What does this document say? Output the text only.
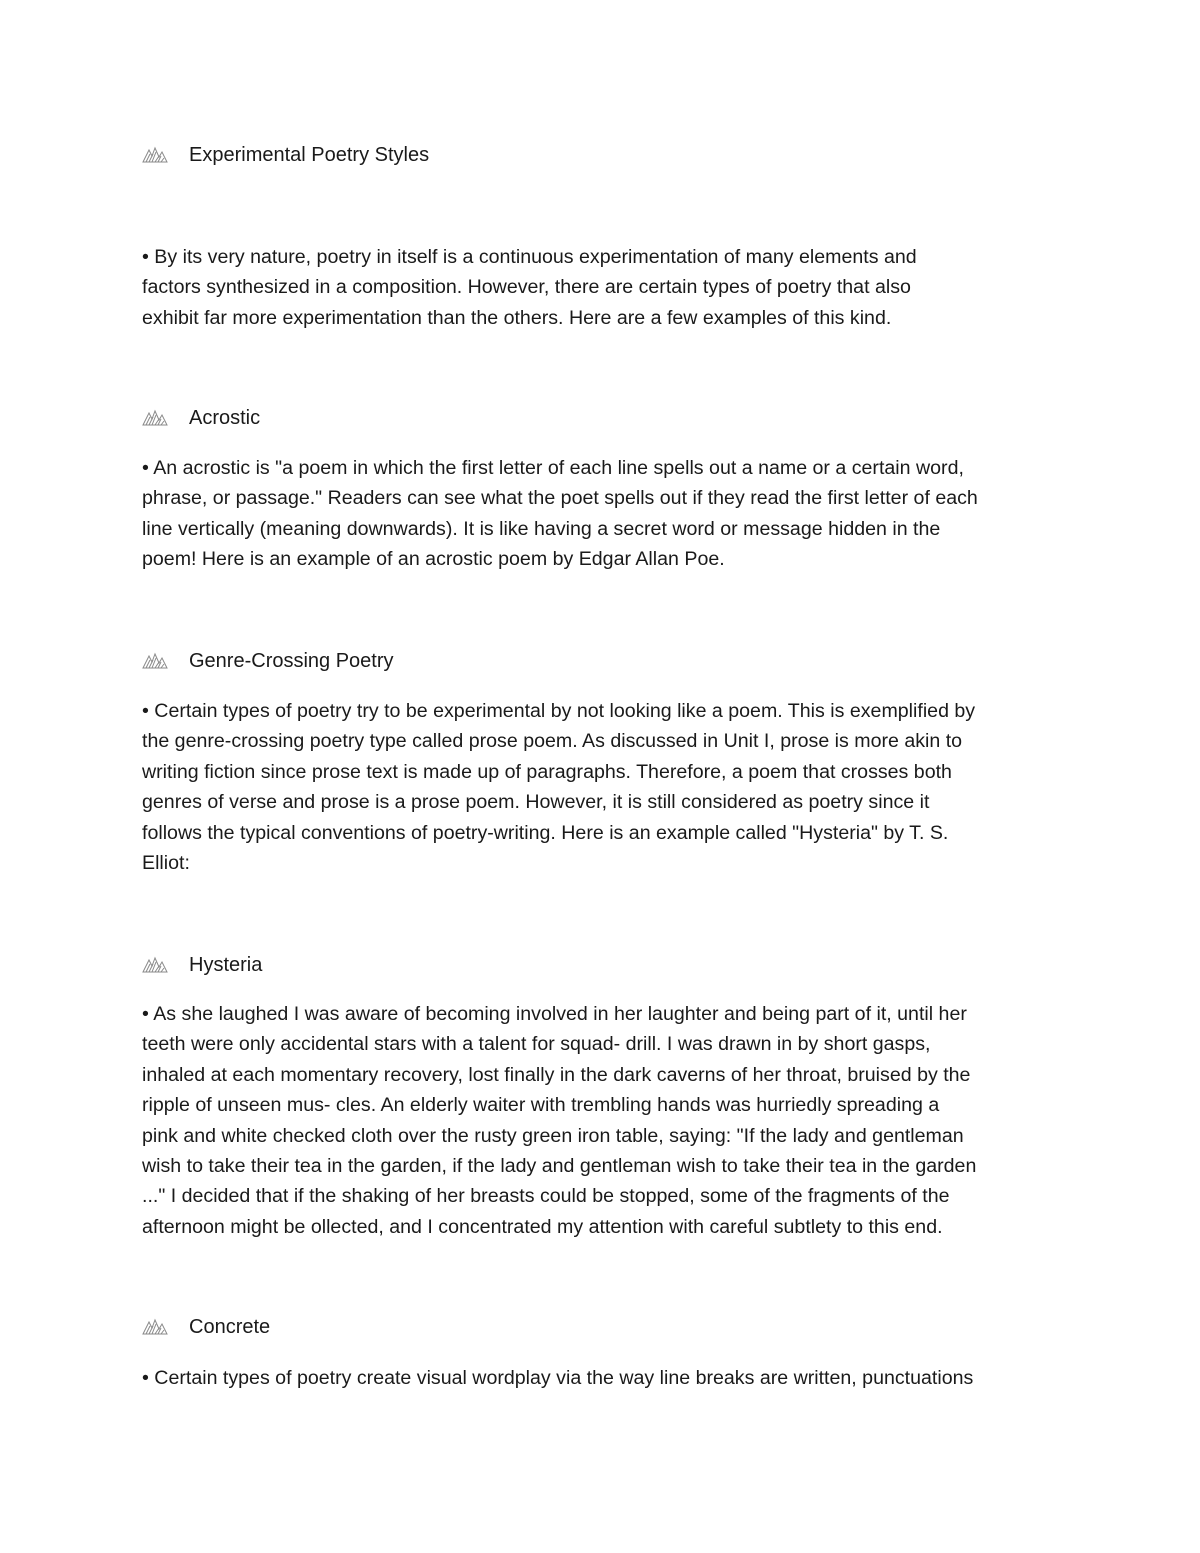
Experimental Poetry Styles
• By its very nature, poetry in itself is a continuous experimentation of many elements and
factors synthesized in a composition. However, there are certain types of poetry that also
exhibit far more experimentation than the others. Here are a few examples of this kind.
Acrostic
• An acrostic is "a poem in which the first letter of each line spells out a name or a certain word,
phrase, or passage." Readers can see what the poet spells out if they read the first letter of each
line vertically (meaning downwards). It is like having a secret word or message hidden in the
poem! Here is an example of an acrostic poem by Edgar Allan Poe.
Genre-Crossing Poetry
• Certain types of poetry try to be experimental by not looking like a poem. This is exemplified by
the genre-crossing poetry type called prose poem. As discussed in Unit I, prose is more akin to
writing fiction since prose text is made up of paragraphs. Therefore, a poem that crosses both
genres of verse and prose is a prose poem. However, it is still considered as poetry since it
follows the typical conventions of poetry-writing. Here is an example called "Hysteria" by T. S.
Elliot:
Hysteria
• As she laughed I was aware of becoming involved in her laughter and being part of it, until her
teeth were only accidental stars with a talent for squad- drill. I was drawn in by short gasps,
inhaled at each momentary recovery, lost finally in the dark caverns of her throat, bruised by the
ripple of unseen mus- cles. An elderly waiter with trembling hands was hurriedly spreading a
pink and white checked cloth over the rusty green iron table, saying: "If the lady and gentleman
wish to take their tea in the garden, if the lady and gentleman wish to take their tea in the garden
..." I decided that if the shaking of her breasts could be stopped, some of the fragments of the
afternoon might be ollected, and I concentrated my attention with careful subtlety to this end.
Concrete
• Certain types of poetry create visual wordplay via the way line breaks are written, punctuations
